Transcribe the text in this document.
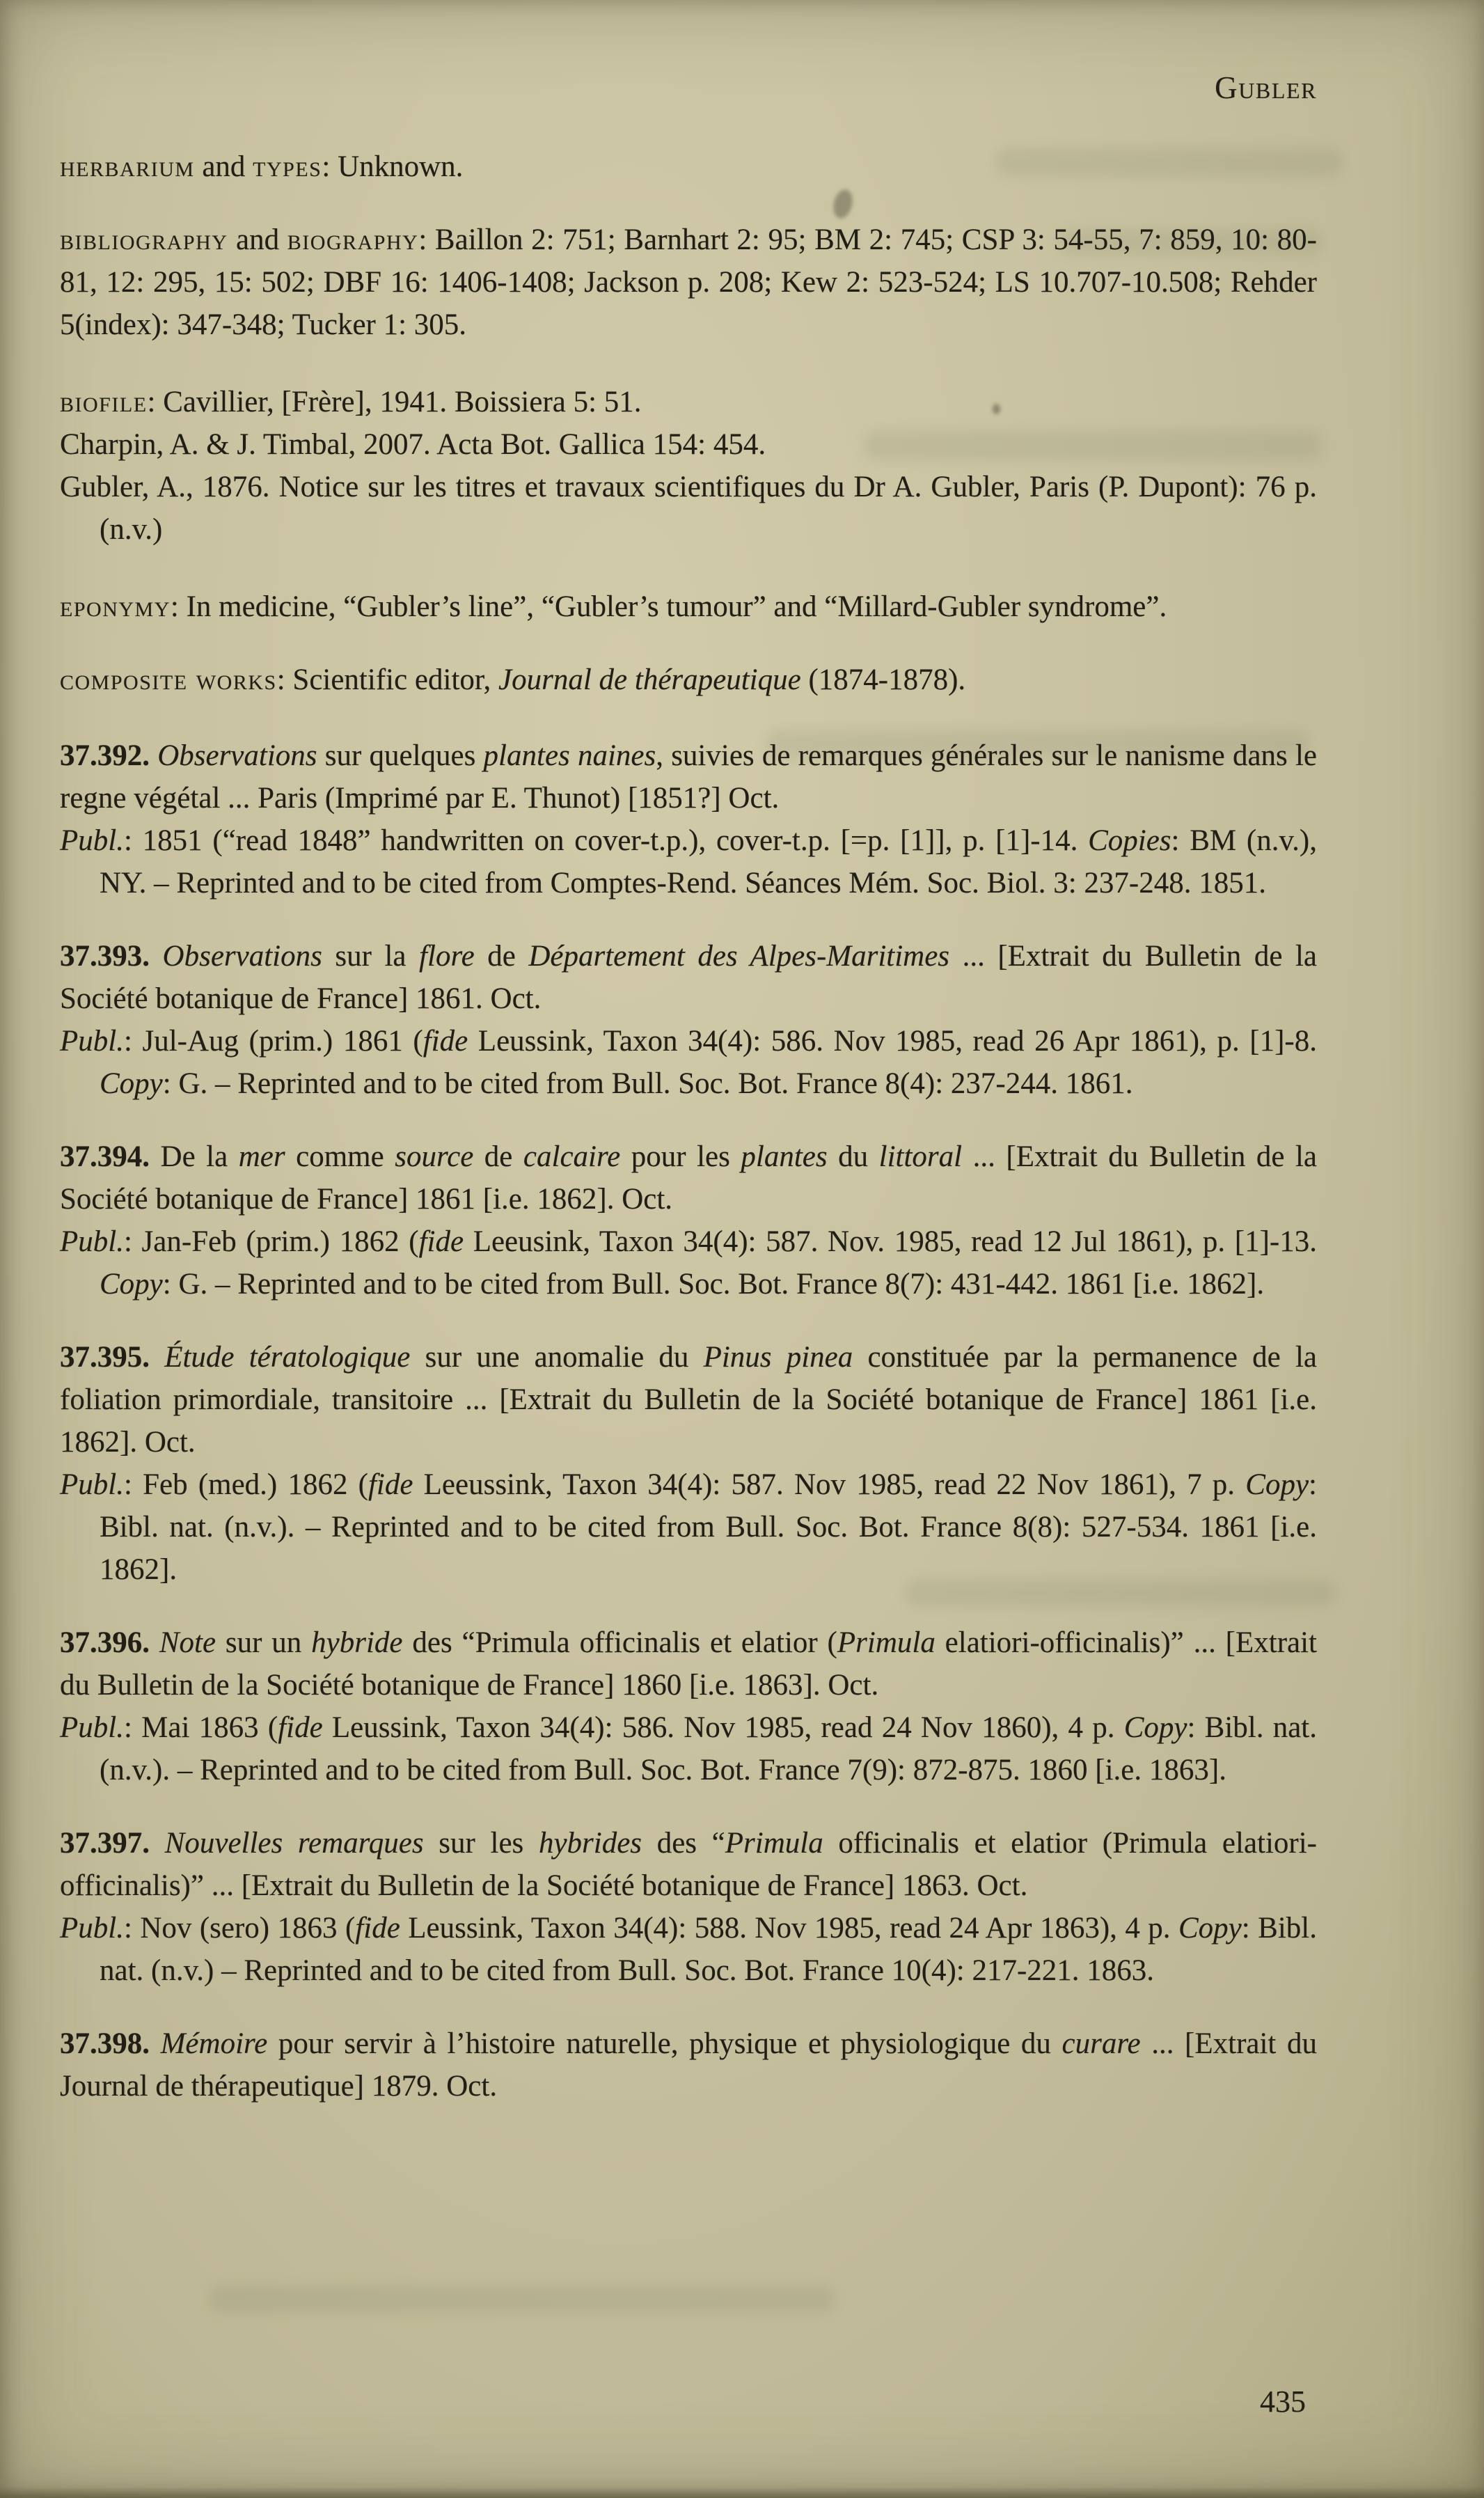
Gubler

herbarium and types: Unknown.

bibliography and biography: Baillon 2: 751; Barnhart 2: 95; BM 2: 745; CSP 3: 54-55, 7: 859, 10: 80-81, 12: 295, 15: 502; DBF 16: 1406-1408; Jackson p. 208; Kew 2: 523-524; LS 10.707-10.508; Rehder 5(index): 347-348; Tucker 1: 305.

biofile: Cavillier, [Frère], 1941. Boissiera 5: 51.

Charpin, A. & J. Timbal, 2007. Acta Bot. Gallica 154: 454.

Gubler, A., 1876. Notice sur les titres et travaux scientifiques du Dr A. Gubler, Paris (P. Dupont): 76 p. (n.v.)

eponymy: In medicine, “Gubler’s line”, “Gubler’s tumour” and “Millard-Gubler syndrome”.

composite works: Scientific editor, Journal de thérapeutique (1874-1878).

37.392. Observations sur quelques plantes naines, suivies de remarques générales sur le nanisme dans le regne végétal ... Paris (Imprimé par E. Thunot) [1851?] Oct.

Publ.: 1851 (“read 1848” handwritten on cover-t.p.), cover-t.p. [=p. [1]], p. [1]-14. Copies: BM (n.v.), NY. – Reprinted and to be cited from Comptes-Rend. Séances Mém. Soc. Biol. 3: 237-248. 1851.

37.393. Observations sur la flore de Département des Alpes-Maritimes ... [Extrait du Bulletin de la Société botanique de France] 1861. Oct.

Publ.: Jul-Aug (prim.) 1861 (fide Leussink, Taxon 34(4): 586. Nov 1985, read 26 Apr 1861), p. [1]-8. Copy: G. – Reprinted and to be cited from Bull. Soc. Bot. France 8(4): 237-244. 1861.

37.394. De la mer comme source de calcaire pour les plantes du littoral ... [Extrait du Bulletin de la Société botanique de France] 1861 [i.e. 1862]. Oct.

Publ.: Jan-Feb (prim.) 1862 (fide Leeusink, Taxon 34(4): 587. Nov. 1985, read 12 Jul 1861), p. [1]-13. Copy: G. – Reprinted and to be cited from Bull. Soc. Bot. France 8(7): 431-442. 1861 [i.e. 1862].

37.395. Étude tératologique sur une anomalie du Pinus pinea constituée par la permanence de la foliation primordiale, transitoire ... [Extrait du Bulletin de la Société botanique de France] 1861 [i.e. 1862]. Oct.

Publ.: Feb (med.) 1862 (fide Leeussink, Taxon 34(4): 587. Nov 1985, read 22 Nov 1861), 7 p. Copy: Bibl. nat. (n.v.). – Reprinted and to be cited from Bull. Soc. Bot. France 8(8): 527-534. 1861 [i.e. 1862].

37.396. Note sur un hybride des “Primula officinalis et elatior (Primula elatiori-officinalis)” ... [Extrait du Bulletin de la Société botanique de France] 1860 [i.e. 1863]. Oct.

Publ.: Mai 1863 (fide Leussink, Taxon 34(4): 586. Nov 1985, read 24 Nov 1860), 4 p. Copy: Bibl. nat. (n.v.). – Reprinted and to be cited from Bull. Soc. Bot. France 7(9): 872-875. 1860 [i.e. 1863].

37.397. Nouvelles remarques sur les hybrides des “Primula officinalis et elatior (Primula elatiori-officinalis)” ... [Extrait du Bulletin de la Société botanique de France] 1863. Oct.

Publ.: Nov (sero) 1863 (fide Leussink, Taxon 34(4): 588. Nov 1985, read 24 Apr 1863), 4 p. Copy: Bibl. nat. (n.v.) – Reprinted and to be cited from Bull. Soc. Bot. France 10(4): 217-221. 1863.

37.398. Mémoire pour servir à l’histoire naturelle, physique et physiologique du curare ... [Extrait du Journal de thérapeutique] 1879. Oct.

435
